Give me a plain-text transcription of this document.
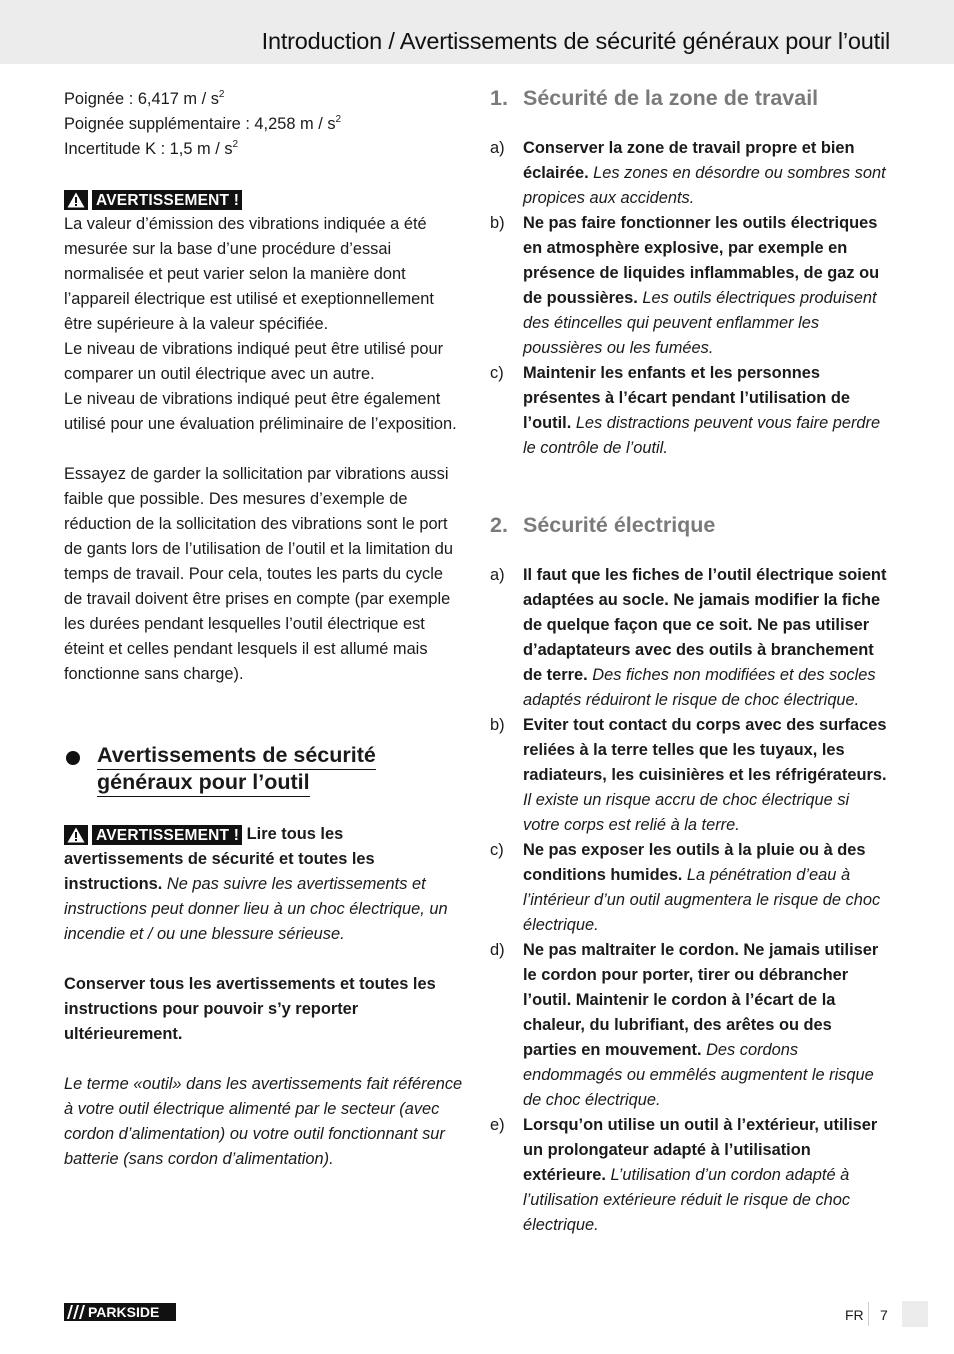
Introduction / Avertissements de sécurité généraux pour l’outil

Poignée : 6,417 m / $s^2$

Poignée supplémentaire : 4,258 m / $s^2$

Incertitude K : 1,5 m / $s^2$

AVERTISSEMENT !

La valeur d’émission des vibrations indiquée a été mesurée sur la base d’une procédure d’essai normalisée et peut varier selon la manière dont l’appareil électrique est utilisé et exeptionnellement être supérieure à la valeur spécifiée.

Le niveau de vibrations indiqué peut être utilisé pour comparer un outil électrique avec un autre.

Le niveau de vibrations indiqué peut être également utilisé pour une évaluation préliminaire de l’exposition.

Essayez de garder la sollicitation par vibrations aussi faible que possible. Des mesures d’exemple de réduction de la sollicitation des vibrations sont le port de gants lors de l’utilisation de l’outil et la limitation du temps de travail. Pour cela, toutes les parts du cycle de travail doivent être prises en compte (par exemple les durées pendant lesquelles l’outil électrique est éteint et celles pendant lesquels il est allumé mais fonctionne sans charge).

Avertissements de sécurité
généraux pour l’outil

AVERTISSEMENT ! Lire tous les avertissements de sécurité et toutes les instructions. Ne pas suivre les avertissements et instructions peut donner lieu à un choc électrique, un incendie et / ou une blessure sérieuse.

Conserver tous les avertissements et toutes les instructions pour pouvoir s’y reporter ultérieurement.

Le terme «outil» dans les avertissements fait référence à votre outil électrique alimenté par le secteur (avec cordon d’alimentation) ou votre outil fonctionnant sur batterie (sans cordon d’alimentation).

1. Sécurité de la zone de travail
a) Conserver la zone de travail propre et bien éclairée. Les zones en désordre ou sombres sont propices aux accidents.
b) Ne pas faire fonctionner les outils électriques en atmosphère explosive, par exemple en présence de liquides inflammables, de gaz ou de poussières. Les outils électriques produisent des étincelles qui peuvent enflammer les poussières ou les fumées.
c) Maintenir les enfants et les personnes présentes à l’écart pendant l’utilisation de l’outil. Les distractions peuvent vous faire perdre le contrôle de l’outil.
2. Sécurité électrique
a) Il faut que les fiches de l’outil électrique soient adaptées au socle. Ne jamais modifier la fiche de quelque façon que ce soit. Ne pas utiliser d’adaptateurs avec des outils à branchement de terre. Des fiches non modifiées et des socles adaptés réduiront le risque de choc électrique.
b) Eviter tout contact du corps avec des surfaces reliées à la terre telles que les tuyaux, les radiateurs, les cuisinières et les réfrigérateurs. Il existe un risque accru de choc électrique si votre corps est relié à la terre.
c) Ne pas exposer les outils à la pluie ou à des conditions humides. La pénétration d’eau à l’intérieur d’un outil augmentera le risque de choc électrique.
d) Ne pas maltraiter le cordon. Ne jamais utiliser le cordon pour porter, tirer ou débrancher l’outil. Maintenir le cordon à l’écart de la chaleur, du lubrifiant, des arêtes ou des parties en mouvement. Des cordons endommagés ou emmêlés augmentent le risque de choc électrique.
e) Lorsqu’on utilise un outil à l’extérieur, utiliser un prolongateur adapté à l’utilisation extérieure. L’utilisation d’un cordon adapté à l’utilisation extérieure réduit le risque de choc électrique.
PARKSIDE	FR 7
